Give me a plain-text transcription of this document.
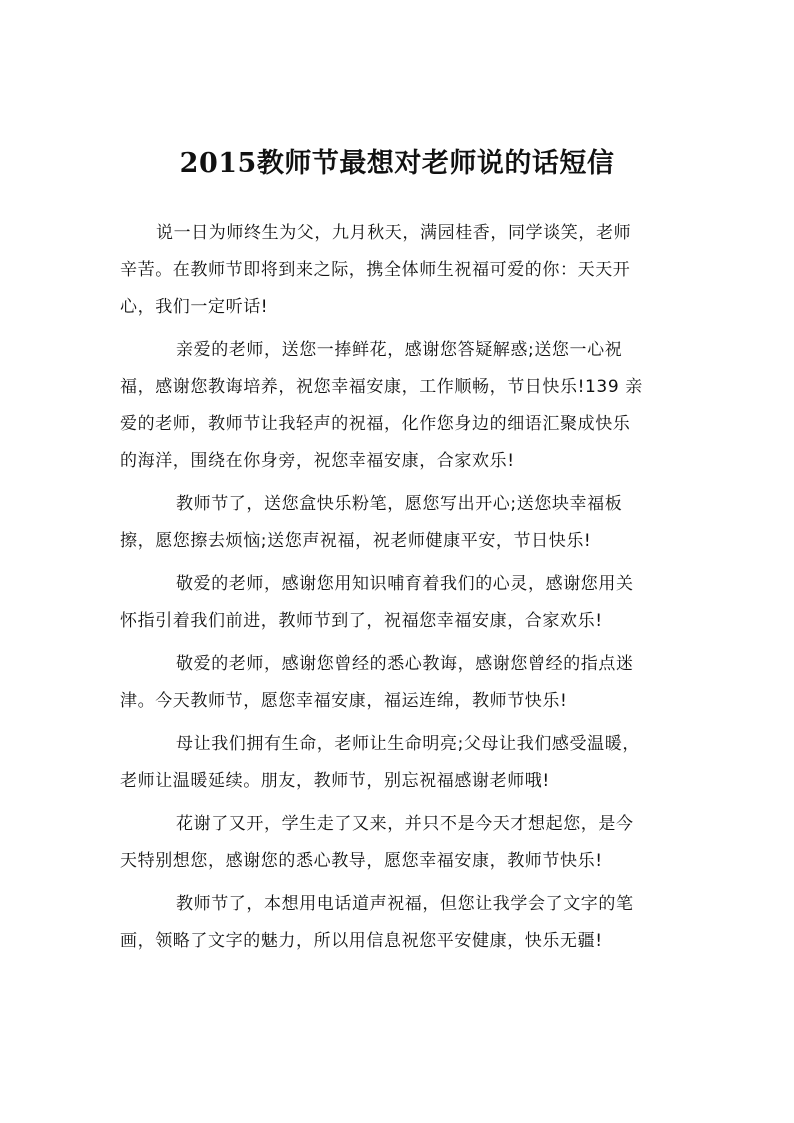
2015教师节最想对老师说的话短信
说一日为师终生为父，九月秋天，满园桂香，同学谈笑，老师
辛苦。在教师节即将到来之际，携全体师生祝福可爱的你：天天开
心，我们一定听话!
亲爱的老师，送您一捧鲜花，感谢您答疑解惑;送您一心祝
福，感谢您教诲培养，祝您幸福安康，工作顺畅，节日快乐!139 亲
爱的老师，教师节让我轻声的祝福，化作您身边的细语汇聚成快乐
的海洋，围绕在你身旁，祝您幸福安康，合家欢乐!
教师节了，送您盒快乐粉笔，愿您写出开心;送您块幸福板
擦，愿您擦去烦恼;送您声祝福，祝老师健康平安，节日快乐!
敬爱的老师，感谢您用知识哺育着我们的心灵，感谢您用关
怀指引着我们前进，教师节到了，祝福您幸福安康，合家欢乐!
敬爱的老师，感谢您曾经的悉心教诲，感谢您曾经的指点迷
津。今天教师节，愿您幸福安康，福运连绵，教师节快乐!
母让我们拥有生命，老师让生命明亮;父母让我们感受温暖，
老师让温暖延续。朋友，教师节，别忘祝福感谢老师哦!
花谢了又开，学生走了又来，并只不是今天才想起您，是今
天特别想您，感谢您的悉心教导，愿您幸福安康，教师节快乐!
教师节了，本想用电话道声祝福，但您让我学会了文字的笔
画，领略了文字的魅力，所以用信息祝您平安健康，快乐无疆!
